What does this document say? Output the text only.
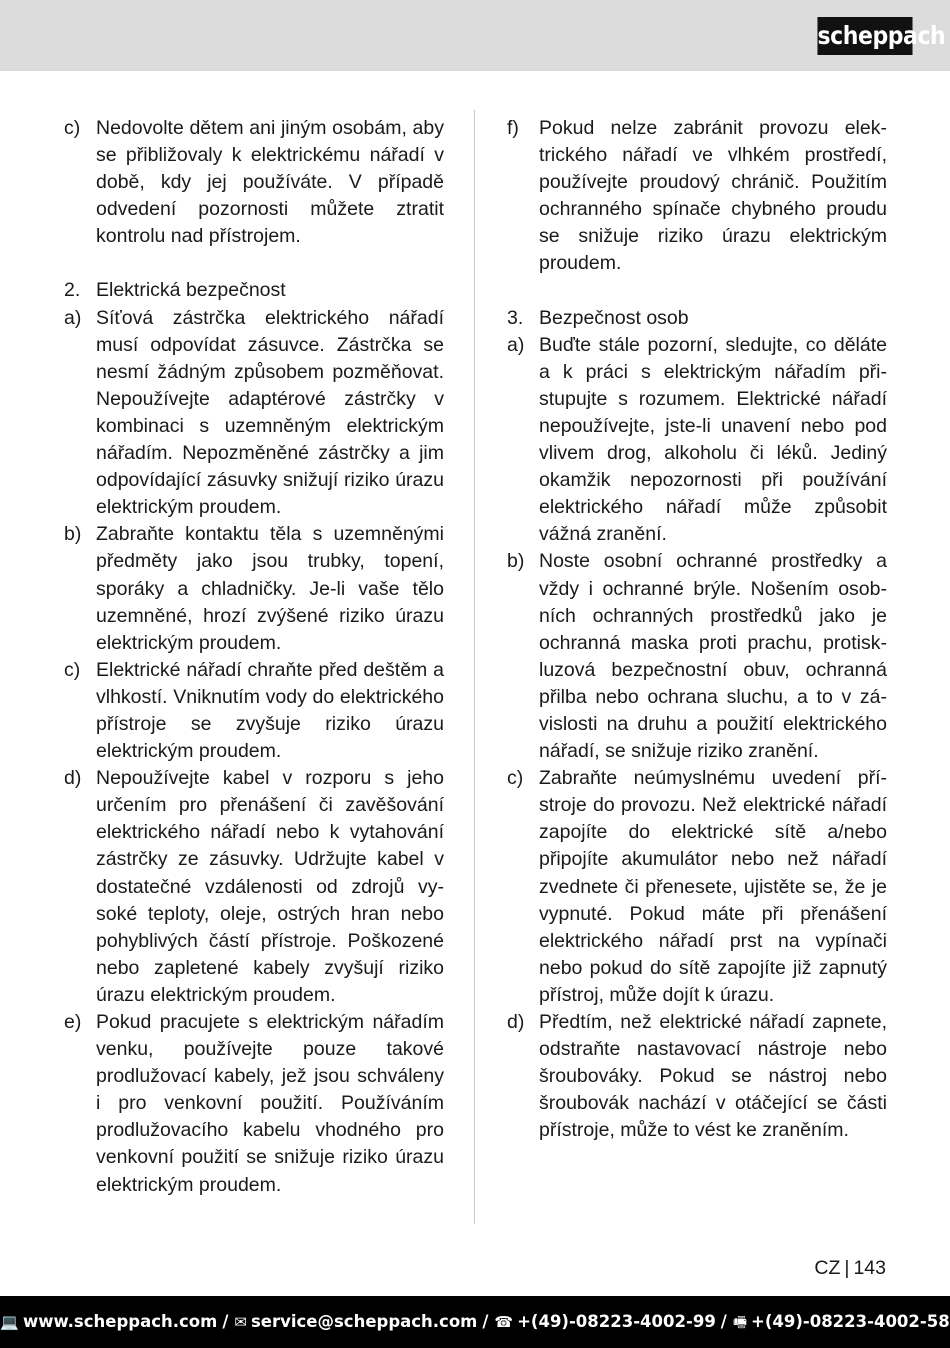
scheppach
c) Nedovolte dětem ani jiným osobám, aby se přibližovaly k elektrickému nářadí v době, kdy jej používáte. V případě odvedení pozornosti můžete ztratit kontrolu nad přístrojem.
2. Elektrická bezpečnost
a) Síťová zástrčka elektrického nářadí musí odpovídat zásuvce. Zástrčka se nesmí žádným způsobem pozměňovat. Nepoužívejte adaptérové zástrčky v kombinaci s uzemněným elektrickým nářadím. Nepozměněné zástrčky a jim odpovídající zásuvky snižují riziko úrazu elektrickým proudem.
b) Zabraňte kontaktu těla s uzemněnými předměty jako jsou trubky, topení, sporáky a chladničky. Je-li vaše tělo uzemněné, hrozí zvýšené riziko úrazu elektrickým proudem.
c) Elektrické nářadí chraňte před deštěm a vlhkostí. Vniknutím vody do elektrického přístroje se zvyšuje riziko úrazu elektrickým proudem.
d) Nepoužívejte kabel v rozporu s jeho určením pro přenášení či zavěšování elektrického nářadí nebo k vytahování zástrčky ze zásuvky. Udržujte kabel v dostatečné vzdálenosti od zdrojů vysoké teploty, oleje, ostrých hran nebo pohyblivých částí přístroje. Poškozené nebo zapletené kabely zvyšují riziko úrazu elektrickým proudem.
e) Pokud pracujete s elektrickým nářadím venku, používejte pouze takové prodlužovací kabely, jež jsou schváleny i pro venkovní použití. Používáním prodlužovacího kabelu vhodného pro venkovní použití se snižuje riziko úrazu elektrickým proudem.
f) Pokud nelze zabránit provozu elektrického nářadí ve vlhkém prostředí, používejte proudový chránič. Použitím ochranného spínače chybného proudu se snižuje riziko úrazu elektrickým proudem.
3. Bezpečnost osob
a) Buďte stále pozorní, sledujte, co děláte a k práci s elektrickým nářadím přistupujte s rozumem. Elektrické nářadí nepoužívejte, jste-li unavení nebo pod vlivem drog, alkoholu či léků. Jediný okamžik nepozornosti při používání elektrického nářadí může způsobit vážná zranění.
b) Noste osobní ochranné prostředky a vždy i ochranné brýle. Nošením osobních ochranných prostředků jako je ochranná maska proti prachu, protiskluzová bezpečnostní obuv, ochranná přilba nebo ochrana sluchu, a to v závislosti na druhu a použití elektrického nářadí, se snižuje riziko zranění.
c) Zabraňte neúmyslnému uvedení přístroje do provozu. Než elektrické nářadí zapojíte do elektrické sítě a/nebo připojíte akumulátor nebo než nářadí zvednete či přenesete, ujistěte se, že je vypnuté. Pokud máte při přenášení elektrického nářadí prst na vypínači nebo pokud do sítě zapojíte již zapnutý přístroj, může dojít k úrazu.
d) Předtím, než elektrické nářadí zapnete, odstraňte nastavovací nástroje nebo šroubováky. Pokud se nástroj nebo šroubovák nachází v otáčející se části přístroje, může to vést ke zraněním.
CZ | 143
💻 www.scheppach.com / ✉ service@scheppach.com / ☎ +(49)-08223-4002-99 / 🖷 +(49)-08223-4002-58
